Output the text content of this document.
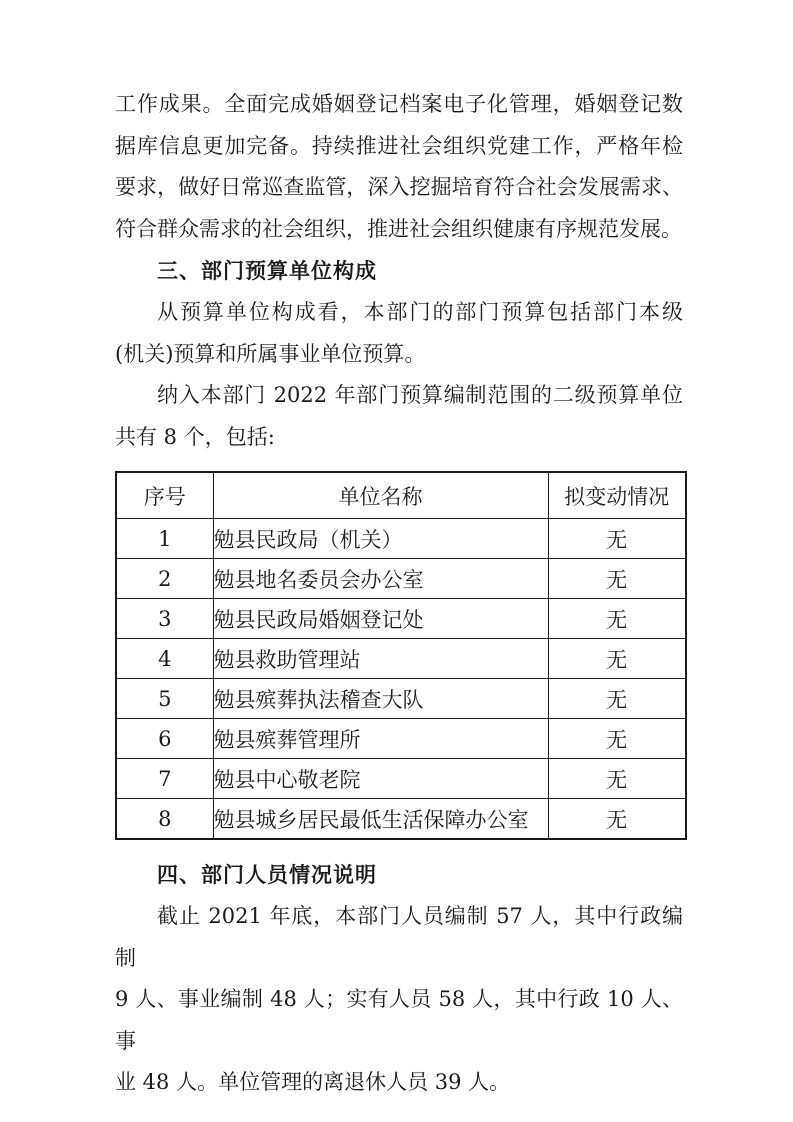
工作成果。全面完成婚姻登记档案电子化管理，婚姻登记数
据库信息更加完备。持续推进社会组织党建工作，严格年检
要求，做好日常巡查监管，深入挖掘培育符合社会发展需求、
符合群众需求的社会组织，推进社会组织健康有序规范发展。
三、部门预算单位构成
从预算单位构成看，本部门的部门预算包括部门本级
(机关)预算和所属事业单位预算。
纳入本部门 2022 年部门预算编制范围的二级预算单位
共有 8 个，包括:
序号	单位名称	拟变动情况
1	勉县民政局（机关）	无
2	勉县地名委员会办公室	无
3	勉县民政局婚姻登记处	无
4	勉县救助管理站	无
5	勉县殡葬执法稽查大队	无
6	勉县殡葬管理所	无
7	勉县中心敬老院	无
8	勉县城乡居民最低生活保障办公室	无
四、部门人员情况说明
截止 2021 年底，本部门人员编制 57 人，其中行政编制
9 人、事业编制 48 人；实有人员 58 人，其中行政 10 人、事
业 48 人。单位管理的离退休人员 39 人。
